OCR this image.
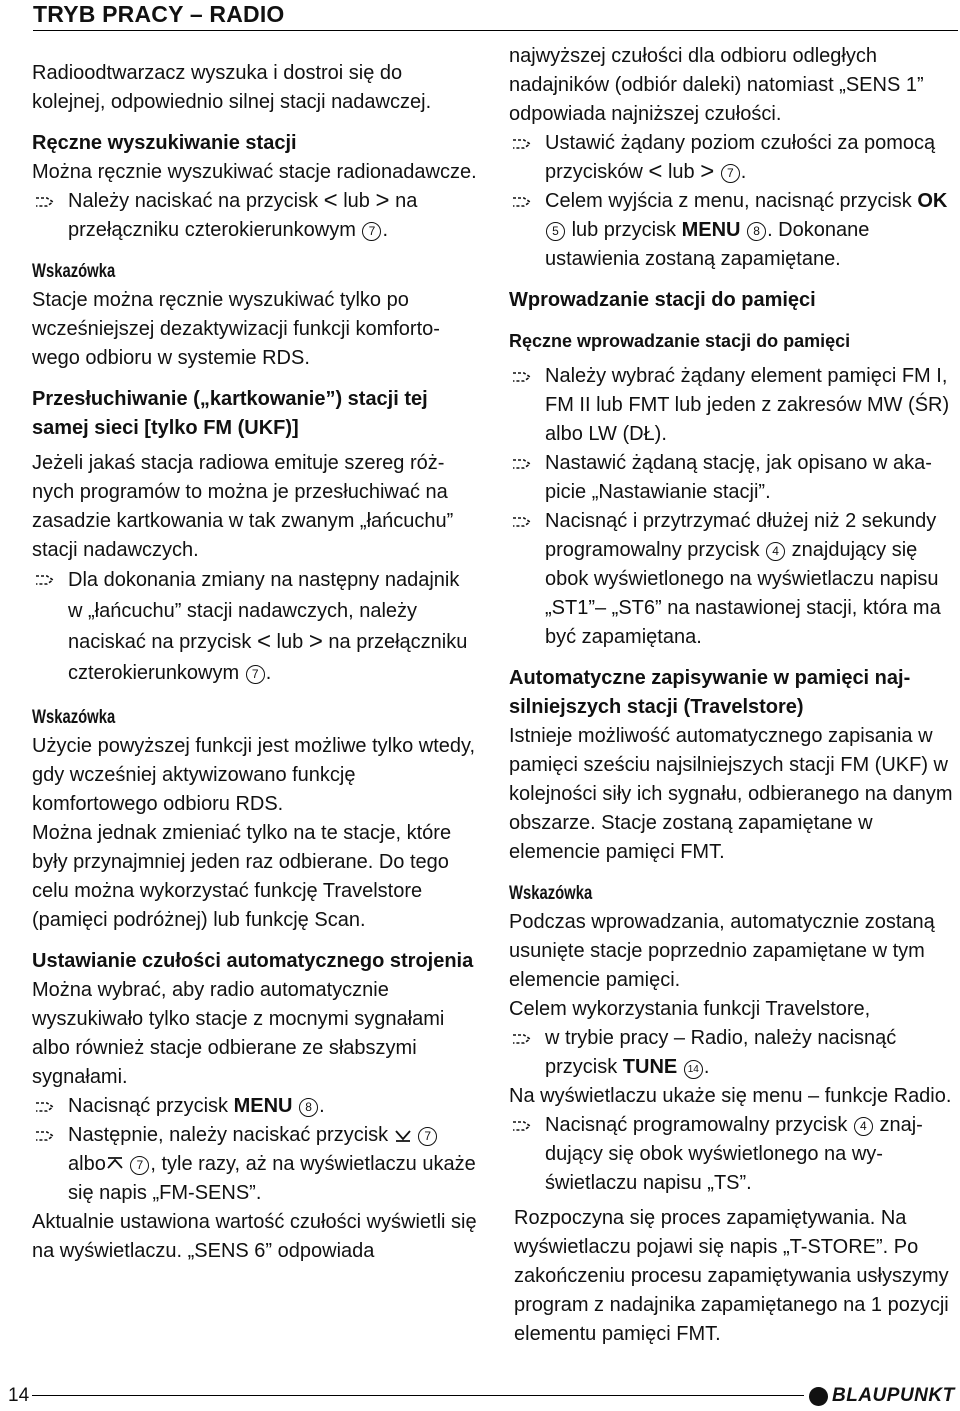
TRYB PRACY – RADIO

Radioodtwarzacz wyszuka i dostroi się do kolejnej, odpowiednio silnej stacji nadawczej.

Ręczne wyszukiwanie stacji

Można ręcznie wyszukiwać stacje radionadawcze.

Należy naciskać na przycisk < lub > na przełączniku czterokierunkowym 7 .

Wskazówka

Stacje można ręcznie wyszukiwać tylko po wcześniejszej dezaktywizacji funkcji komfortowego odbioru w systemie RDS.

Przesłuchiwanie („kartkowanie”) stacji tej samej sieci [tylko FM (UKF)]

Jeżeli jakaś stacja radiowa emituje szereg różnych programów to można je przesłuchiwać na zasadzie kartkowania w tak zwanym „łańcuchu” stacji nadawczych.

Dla dokonania zmiany na następny nadajnik w „łańcuchu” stacji nadawczych, należy naciskać na przycisk < lub > na przełączniku czterokierunkowym 7 .

Wskazówka

Użycie powyższej funkcji jest możliwe tylko wtedy, gdy wcześniej aktywizowano funkcję komfortowego odbioru RDS.

Można jednak zmieniać tylko na te stacje, które były przynajmniej jeden raz odbierane. Do tego celu można wykorzystać funkcję Travelstore (pamięci podróżnej) lub funkcję Scan.

Ustawianie czułości automatycznego strojenia

Można wybrać, aby radio automatycznie wyszukiwało tylko stacje z mocnymi sygnałami albo również stacje odbierane ze słabszymi sygnałami.

Nacisnąć przycisk MENU 8 .

Następnie, należy naciskać przycisk	7 albo	7 , tyle razy, aż na wyświetlaczu ukaże się napis „FM-SENS”.

Aktualnie ustawiona wartość czułości wyświetli się na wyświetlaczu. „SENS 6” odpowiada

najwyższej czułości dla odbioru odległych nadajników (odbiór daleki) natomiast „SENS 1” odpowiada najniższej czułości.

Ustawić żądany poziom czułości za pomocą przycisków < lub > 7 .

Celem wyjścia z menu, nacisnąć przycisk OK 5 lub przycisk MENU 8 . Dokonane ustawienia zostaną zapamiętane.

Wprowadzanie stacji do pamięci

Ręczne wprowadzanie stacji do pamięci

Należy wybrać żądany element pamięci FM I, FM II lub FMT lub jeden z zakresów MW (ŚR) albo LW (DŁ).

Nastawić żądaną stację, jak opisano w akapicie „Nastawianie stacji”.

Nacisnąć i przytrzymać dłużej niż 2 sekundy programowalny przycisk 4 znajdujący się obok wyświetlonego na wyświetlaczu napisu „ST1”– „ST6” na nastawionej stacji, która ma być zapamiętana.

Automatyczne zapisywanie w pamięci najsilniejszych stacji (Travelstore)

Istnieje możliwość automatycznego zapisania w pamięci sześciu najsilniejszych stacji FM (UKF) w kolejności siły ich sygnału, odbieranego na danym obszarze. Stacje zostaną zapamiętane w elemencie pamięci FMT.

Wskazówka

Podczas wprowadzania, automatycznie zostaną usunięte stacje poprzednio zapamiętane w tym elemencie pamięci.

Celem wykorzystania funkcji Travelstore,

w trybie pracy – Radio, należy nacisnąć przycisk TUNE 14 .

Na wyświetlaczu ukaże się menu – funkcje Radio.

Nacisnąć programowalny przycisk 4 znajdujący się obok wyświetlonego na wyświetlaczu napisu „TS”.

Rozpoczyna się proces zapamiętywania. Na wyświetlaczu pojawi się napis „T-STORE”. Po zakończeniu procesu zapamiętywania usłyszymy program z nadajnika zapamiętanego na 1 pozycji elementu pamięci FMT.

14	BLAUPUNKT
